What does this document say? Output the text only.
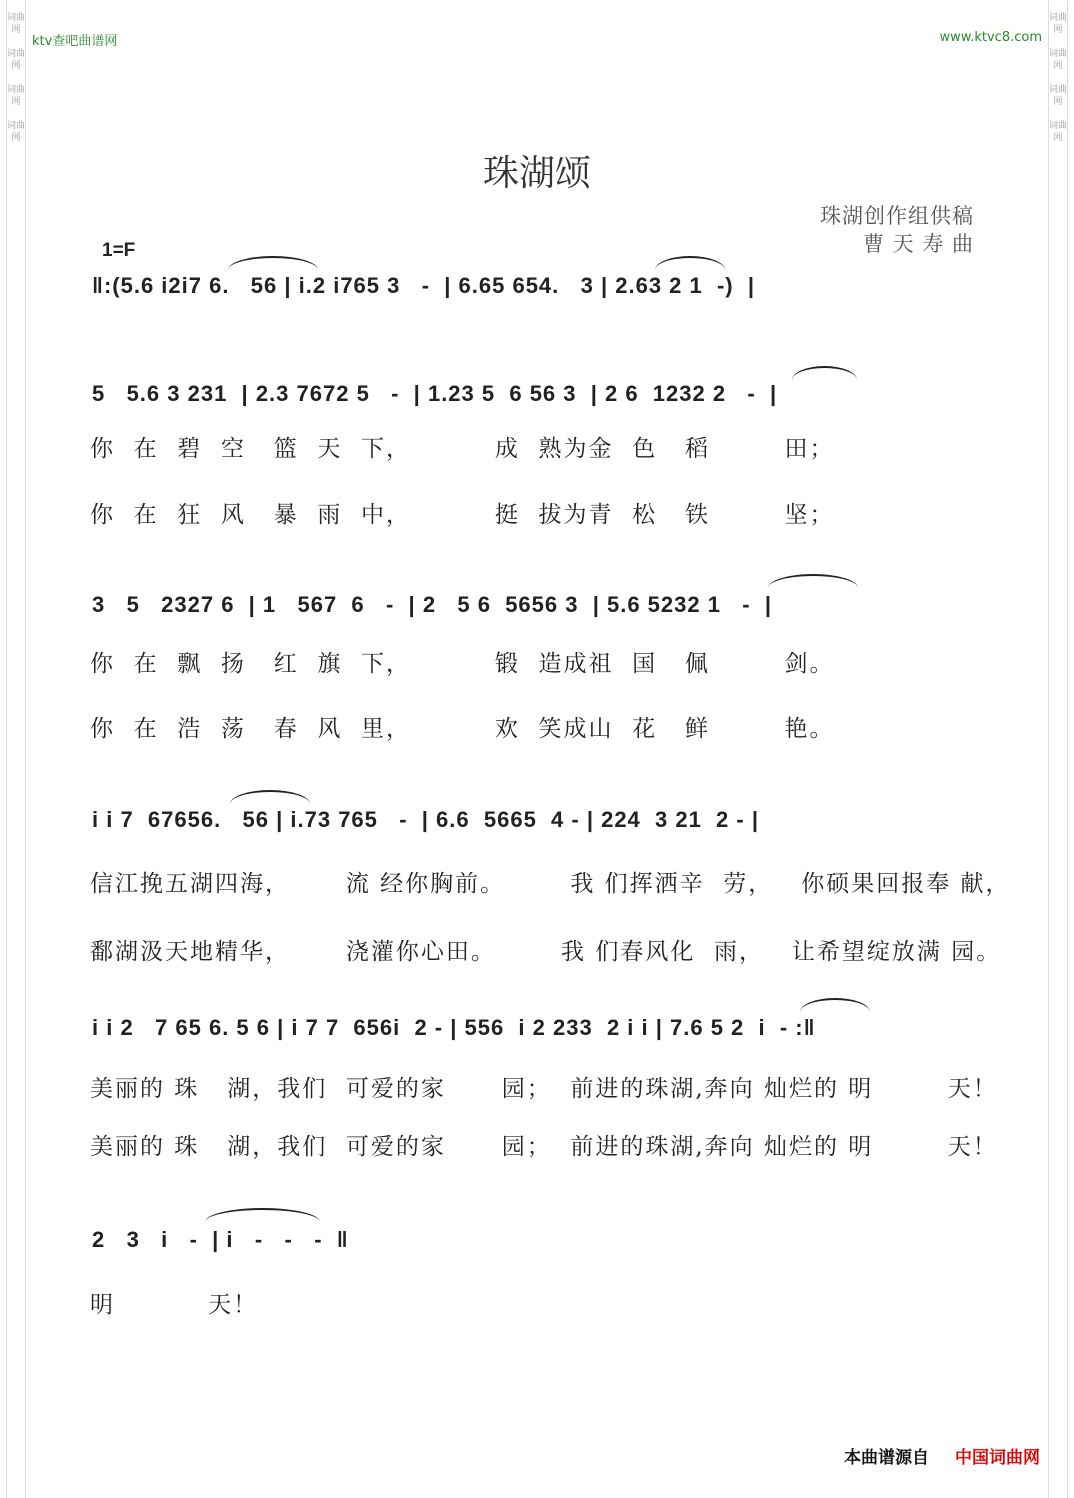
词曲网
词曲网
词曲网
词曲网
词曲网
词曲网
词曲网
词曲网
ktv查吧曲谱网	www.ktvc8.com
珠湖颂
珠湖创作组供稿
曹 天 寿 曲
1=F
‖:(5.6 i2i7 6.   56 | i.2 i765 3   -  | 6.65 654.   3 | 2.63 2 1  -)  |
5   5.6 3 231  | 2.3 7672 5   -  | 1.23 5  6 56 3  | 2 6  1232 2   -  |
你  在  碧  空   篮  天  下，         成  熟为金  色   稻        田；
你  在  狂  风   暴  雨  中，         挺  拔为青  松   铁        坚；
3   5   2327 6  | 1   567  6   -  | 2   5 6  5656 3  | 5.6 5232 1   -  |
你  在  飘  扬   红  旗  下，         锻  造成祖  国   佩        剑。
你  在  浩  荡   春  风  里，         欢  笑成山  花   鲜        艳。
i i 7  67656.   56 | i.73 765   -  | 6.6  5665  4 - | 224  3 21  2 - |
信江挽五湖四海，      流 经你胸前。       我 们挥洒辛  劳，   你硕果回报奉 献，
鄱湖汲天地精华，      浇灌你心田。       我 们春风化  雨，   让希望绽放满 园。
i i 2   7 65 6. 5 6 | i 7 7  656i  2 - | 556  i 2 233  2 i i | 7.6 5 2  i  - :‖
美丽的 珠   湖，我们  可爱的家      园；  前进的珠湖,奔向 灿烂的 明        天！
美丽的 珠   湖，我们  可爱的家      园；  前进的珠湖,奔向 灿烂的 明        天！
2   3   i   -  | i   -   -   -  ‖
明          天！
本曲谱源自 中国词曲网
